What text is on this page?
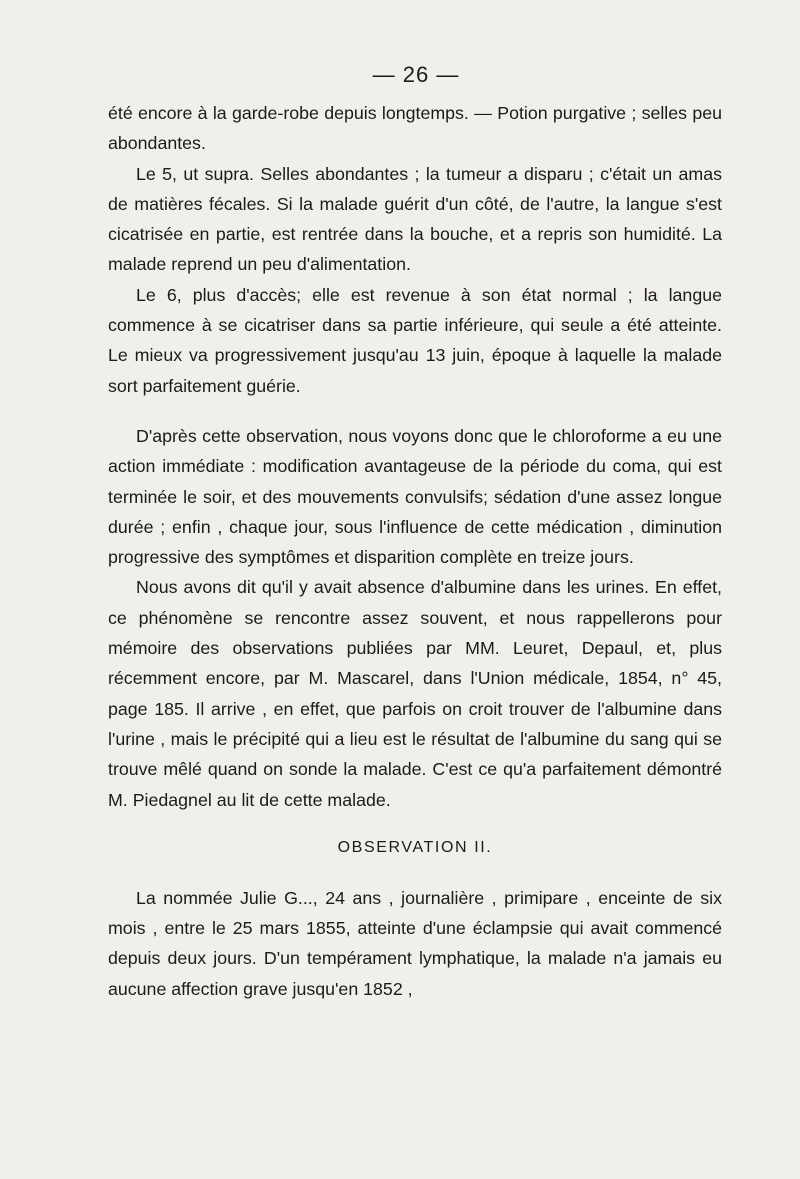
— 26 —

été encore à la garde-robe depuis longtemps. — Potion purgative ; selles peu abondantes.

Le 5, ut supra. Selles abondantes ; la tumeur a disparu ; c'était un amas de matières fécales. Si la malade guérit d'un côté, de l'autre, la langue s'est cicatrisée en partie, est rentrée dans la bouche, et a repris son humidité. La malade reprend un peu d'alimentation.

Le 6, plus d'accès; elle est revenue à son état normal ; la langue commence à se cicatriser dans sa partie inférieure, qui seule a été atteinte. Le mieux va progressivement jusqu'au 13 juin, époque à laquelle la malade sort parfaitement guérie.

D'après cette observation, nous voyons donc que le chloroforme a eu une action immédiate : modification avantageuse de la période du coma, qui est terminée le soir, et des mouvements convulsifs; sédation d'une assez longue durée ; enfin , chaque jour, sous l'influence de cette médication , diminution progressive des symptômes et disparition complète en treize jours.

Nous avons dit qu'il y avait absence d'albumine dans les urines. En effet, ce phénomène se rencontre assez souvent, et nous rappellerons pour mémoire des observations publiées par MM. Leuret, Depaul, et, plus récemment encore, par M. Mascarel, dans l'Union médicale, 1854, n° 45, page 185. Il arrive , en effet, que parfois on croit trouver de l'albumine dans l'urine , mais le précipité qui a lieu est le résultat de l'albumine du sang qui se trouve mêlé quand on sonde la malade. C'est ce qu'a parfaitement démontré M. Piedagnel au lit de cette malade.

OBSERVATION II.

La nommée Julie G..., 24 ans , journalière , primipare , enceinte de six mois , entre le 25 mars 1855, atteinte d'une éclampsie qui avait commencé depuis deux jours. D'un tempérament lymphatique, la malade n'a jamais eu aucune affection grave jusqu'en 1852 ,
